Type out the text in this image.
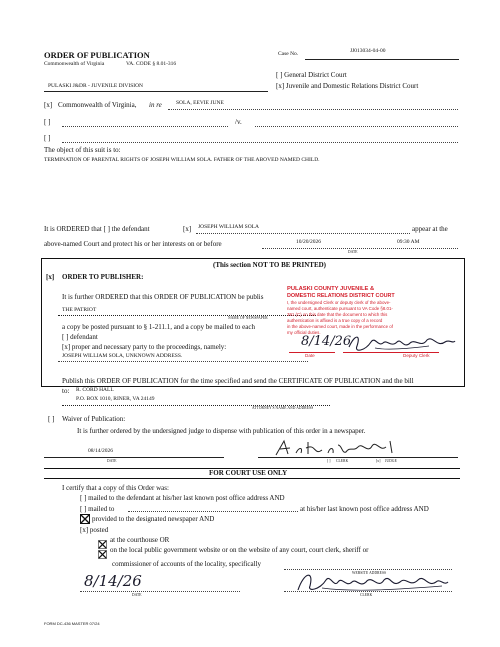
ORDER OF PUBLICATION
Commonwealth of Virginia	VA. CODE § 8.01-316
Case No.	JJ013034-04-00
PULASKI J&DR - JUVENILE DIVISION
[ ] General District Court
[x] Juvenile and Domestic Relations District Court
[x] Commonwealth of Virginia, in re	SOLA, EEVIE JUNE
[ ]	/v.
[ ]
The object of this suit is to:
TERMINATION OF PARENTAL RIGHTS OF JOSEPH WILLIAM SOLA. FATHER OF THE ABOVED NAMED CHILD.
It is ORDERED that [ ] the defendant	[x] JOSEPH WILLIAM SOLA	appear at the
above-named Court and protect his or her interests on or before	10/20/2026	09:30 AM
DATE
(This section NOT TO BE PRINTED)
[x] ORDER TO PUBLISHER:
It is further ORDERED that this ORDER OF PUBLICATION be publis
THE PATRIOT
NAME OF NEWSPAPER
a copy be posted pursuant to § 1-211.1, and a copy be mailed to each
[ ] defendant
[x] proper and necessary party to the proceedings, namely:
JOSEPH WILLIAM SOLA, UNKNOWN ADDRESS.
Publish this ORDER OF PUBLICATION for the time specified and send the CERTIFICATE OF PUBLICATION and the bill
to: R. CORD HALL
P.O. BOX 1010, RINER, VA 24149
ATTORNEY'S NAME AND ADDRESS
PULASKI COUNTY JUVENILE &
DOMESTIC RELATIONS DISTRICT COURT
I, the undersigned Clerk or deputy clerk of the above-
named court, authenticate pursuant to VA Code §8.01-
391 (C) on this date that the document to which this
authentication is affixed is a true copy of a record
in the above-named court, made in the performance of
my official duties.
8/14/26
Date	Deputy Clerk
[ ] Waiver of Publication:
It is further ordered by the undersigned judge to dispense with publication of this order in a newspaper.
08/14/2026
DATE	[ ] CLERK	[x] JUDGE
FOR COURT USE ONLY
I certify that a copy of this Order was:
[ ] mailed to the defendant at his/her last known post office address AND
[ ] mailed to	at his/her last known post office address AND
provided to the designated newspaper AND
[x] posted
at the courthouse OR
on the local public government website or on the website of any court, court clerk, sheriff or
commissioner of accounts of the locality, specifically
WEBSITE ADDRESS
8/14/26
DATE	CLERK
FORM DC-436 MASTER 07/24
